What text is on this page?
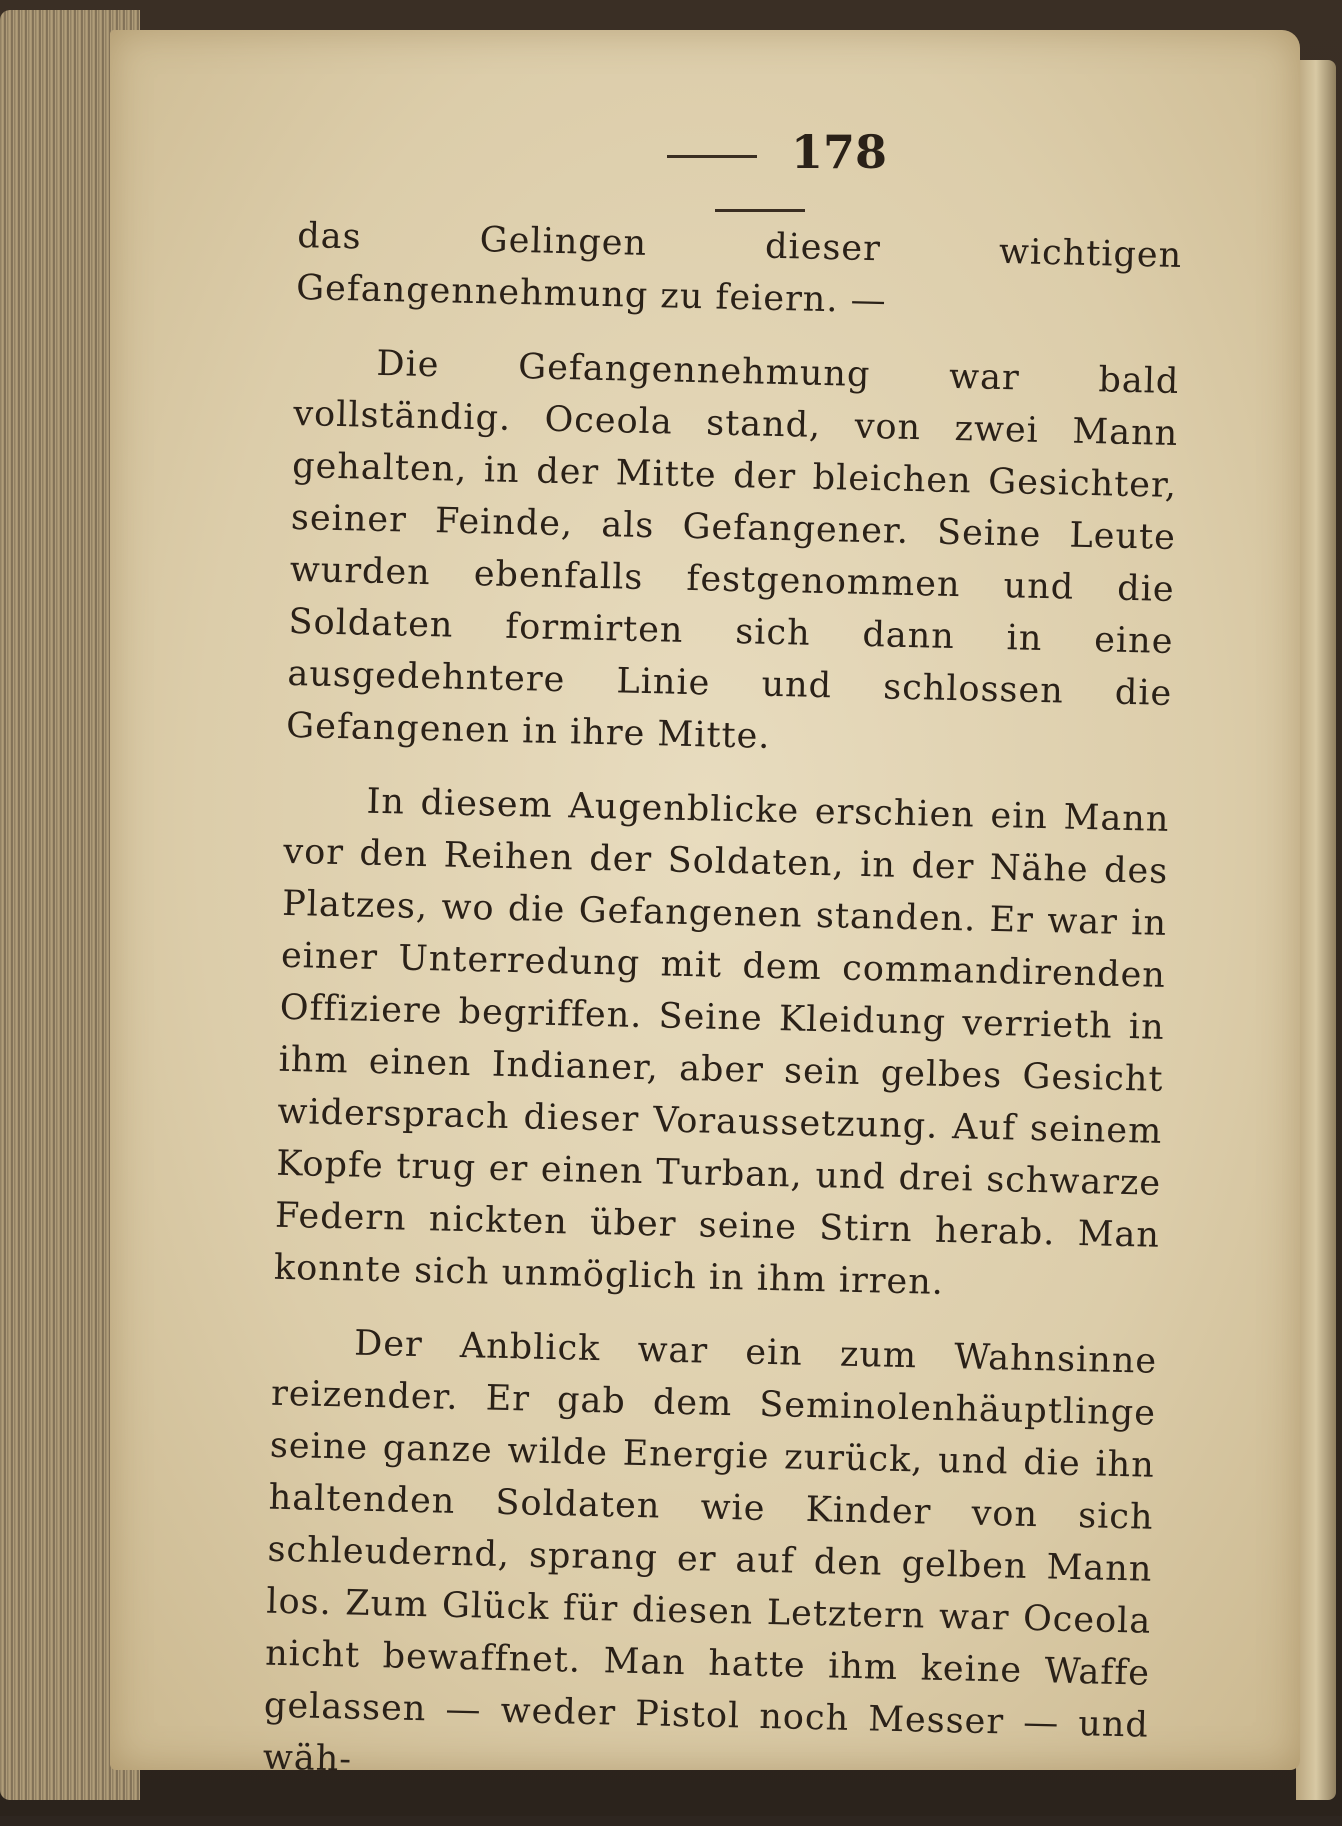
178

das Gelingen dieser wichtigen Gefangennehmung zu feiern. —

Die Gefangennehmung war bald vollständig. Oceola stand, von zwei Mann gehalten, in der Mitte der bleichen Gesichter, seiner Feinde, als Gefangener. Seine Leute wurden ebenfalls festgenommen und die Soldaten formirten sich dann in eine ausgedehntere Linie und schlossen die Gefangenen in ihre Mitte.

In diesem Augenblicke erschien ein Mann vor den Reihen der Soldaten, in der Nähe des Platzes, wo die Gefangenen standen. Er war in einer Unterredung mit dem commandirenden Offiziere begriffen. Seine Kleidung verrieth in ihm einen Indianer, aber sein gelbes Gesicht widersprach dieser Voraussetzung. Auf seinem Kopfe trug er einen Turban, und drei schwarze Federn nickten über seine Stirn herab. Man konnte sich unmöglich in ihm irren.

Der Anblick war ein zum Wahnsinne reizender. Er gab dem Seminolenhäuptlinge seine ganze wilde Energie zurück, und die ihn haltenden Soldaten wie Kinder von sich schleudernd, sprang er auf den gelben Mann los. Zum Glück für diesen Letztern war Oceola nicht bewaffnet. Man hatte ihm keine Waffe gelassen — weder Pistol noch Messer — und wäh-
